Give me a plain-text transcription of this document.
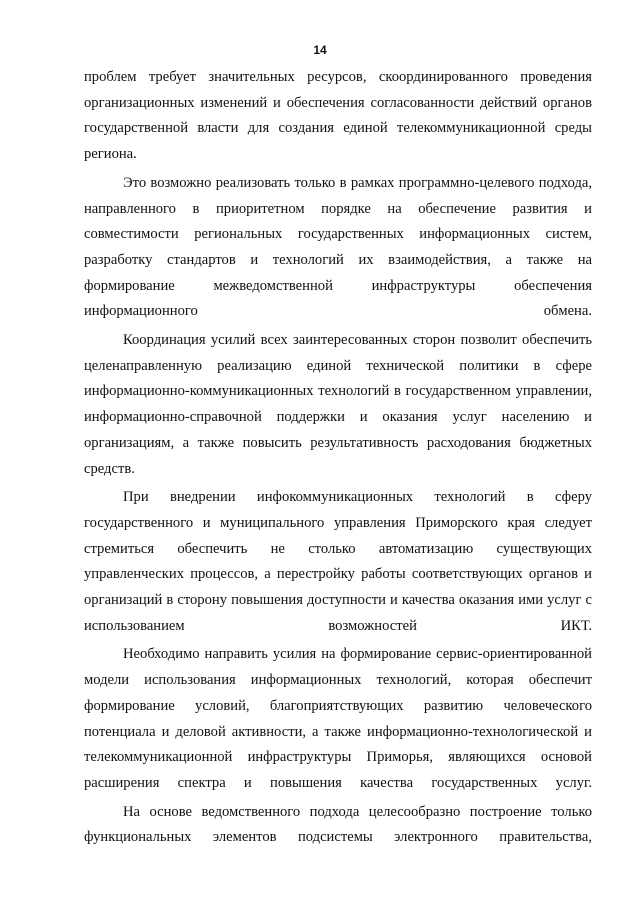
14

проблем требует значительных ресурсов, скоординированного проведения организационных изменений и обеспечения согласованности действий органов государственной власти для создания единой телекоммуникационной среды региона.

Это возможно реализовать только в рамках программно-целевого подхода, направленного в приоритетном порядке на обеспечение развития и совместимости региональных государственных информационных систем, разработку стандартов и технологий их взаимодействия, а также на формирование межведомственной инфраструктуры обеспечения информационного обмена.

Координация усилий всех заинтересованных сторон позволит обеспечить целенаправленную реализацию единой технической политики в сфере информационно-коммуникационных технологий в государственном управлении, информационно-справочной поддержки и оказания услуг населению и организациям, а также повысить результативность расходования бюджетных средств.

При внедрении инфокоммуникационных технологий в сферу государственного и муниципального управления Приморского края следует стремиться обеспечить не столько автоматизацию существующих управленческих процессов, а перестройку работы соответствующих органов и организаций в сторону повышения доступности и качества оказания ими услуг с использованием возможностей ИКТ.

Необходимо направить усилия на формирование сервис-ориентированной модели использования информационных технологий, которая обеспечит формирование условий, благоприятствующих развитию человеческого потенциала и деловой активности, а также информационно-технологической и телекоммуникационной инфраструктуры Приморья, являющихся основой расширения спектра и повышения качества государственных услуг.

На основе ведомственного подхода целесообразно построение только функциональных элементов подсистемы электронного правительства,
